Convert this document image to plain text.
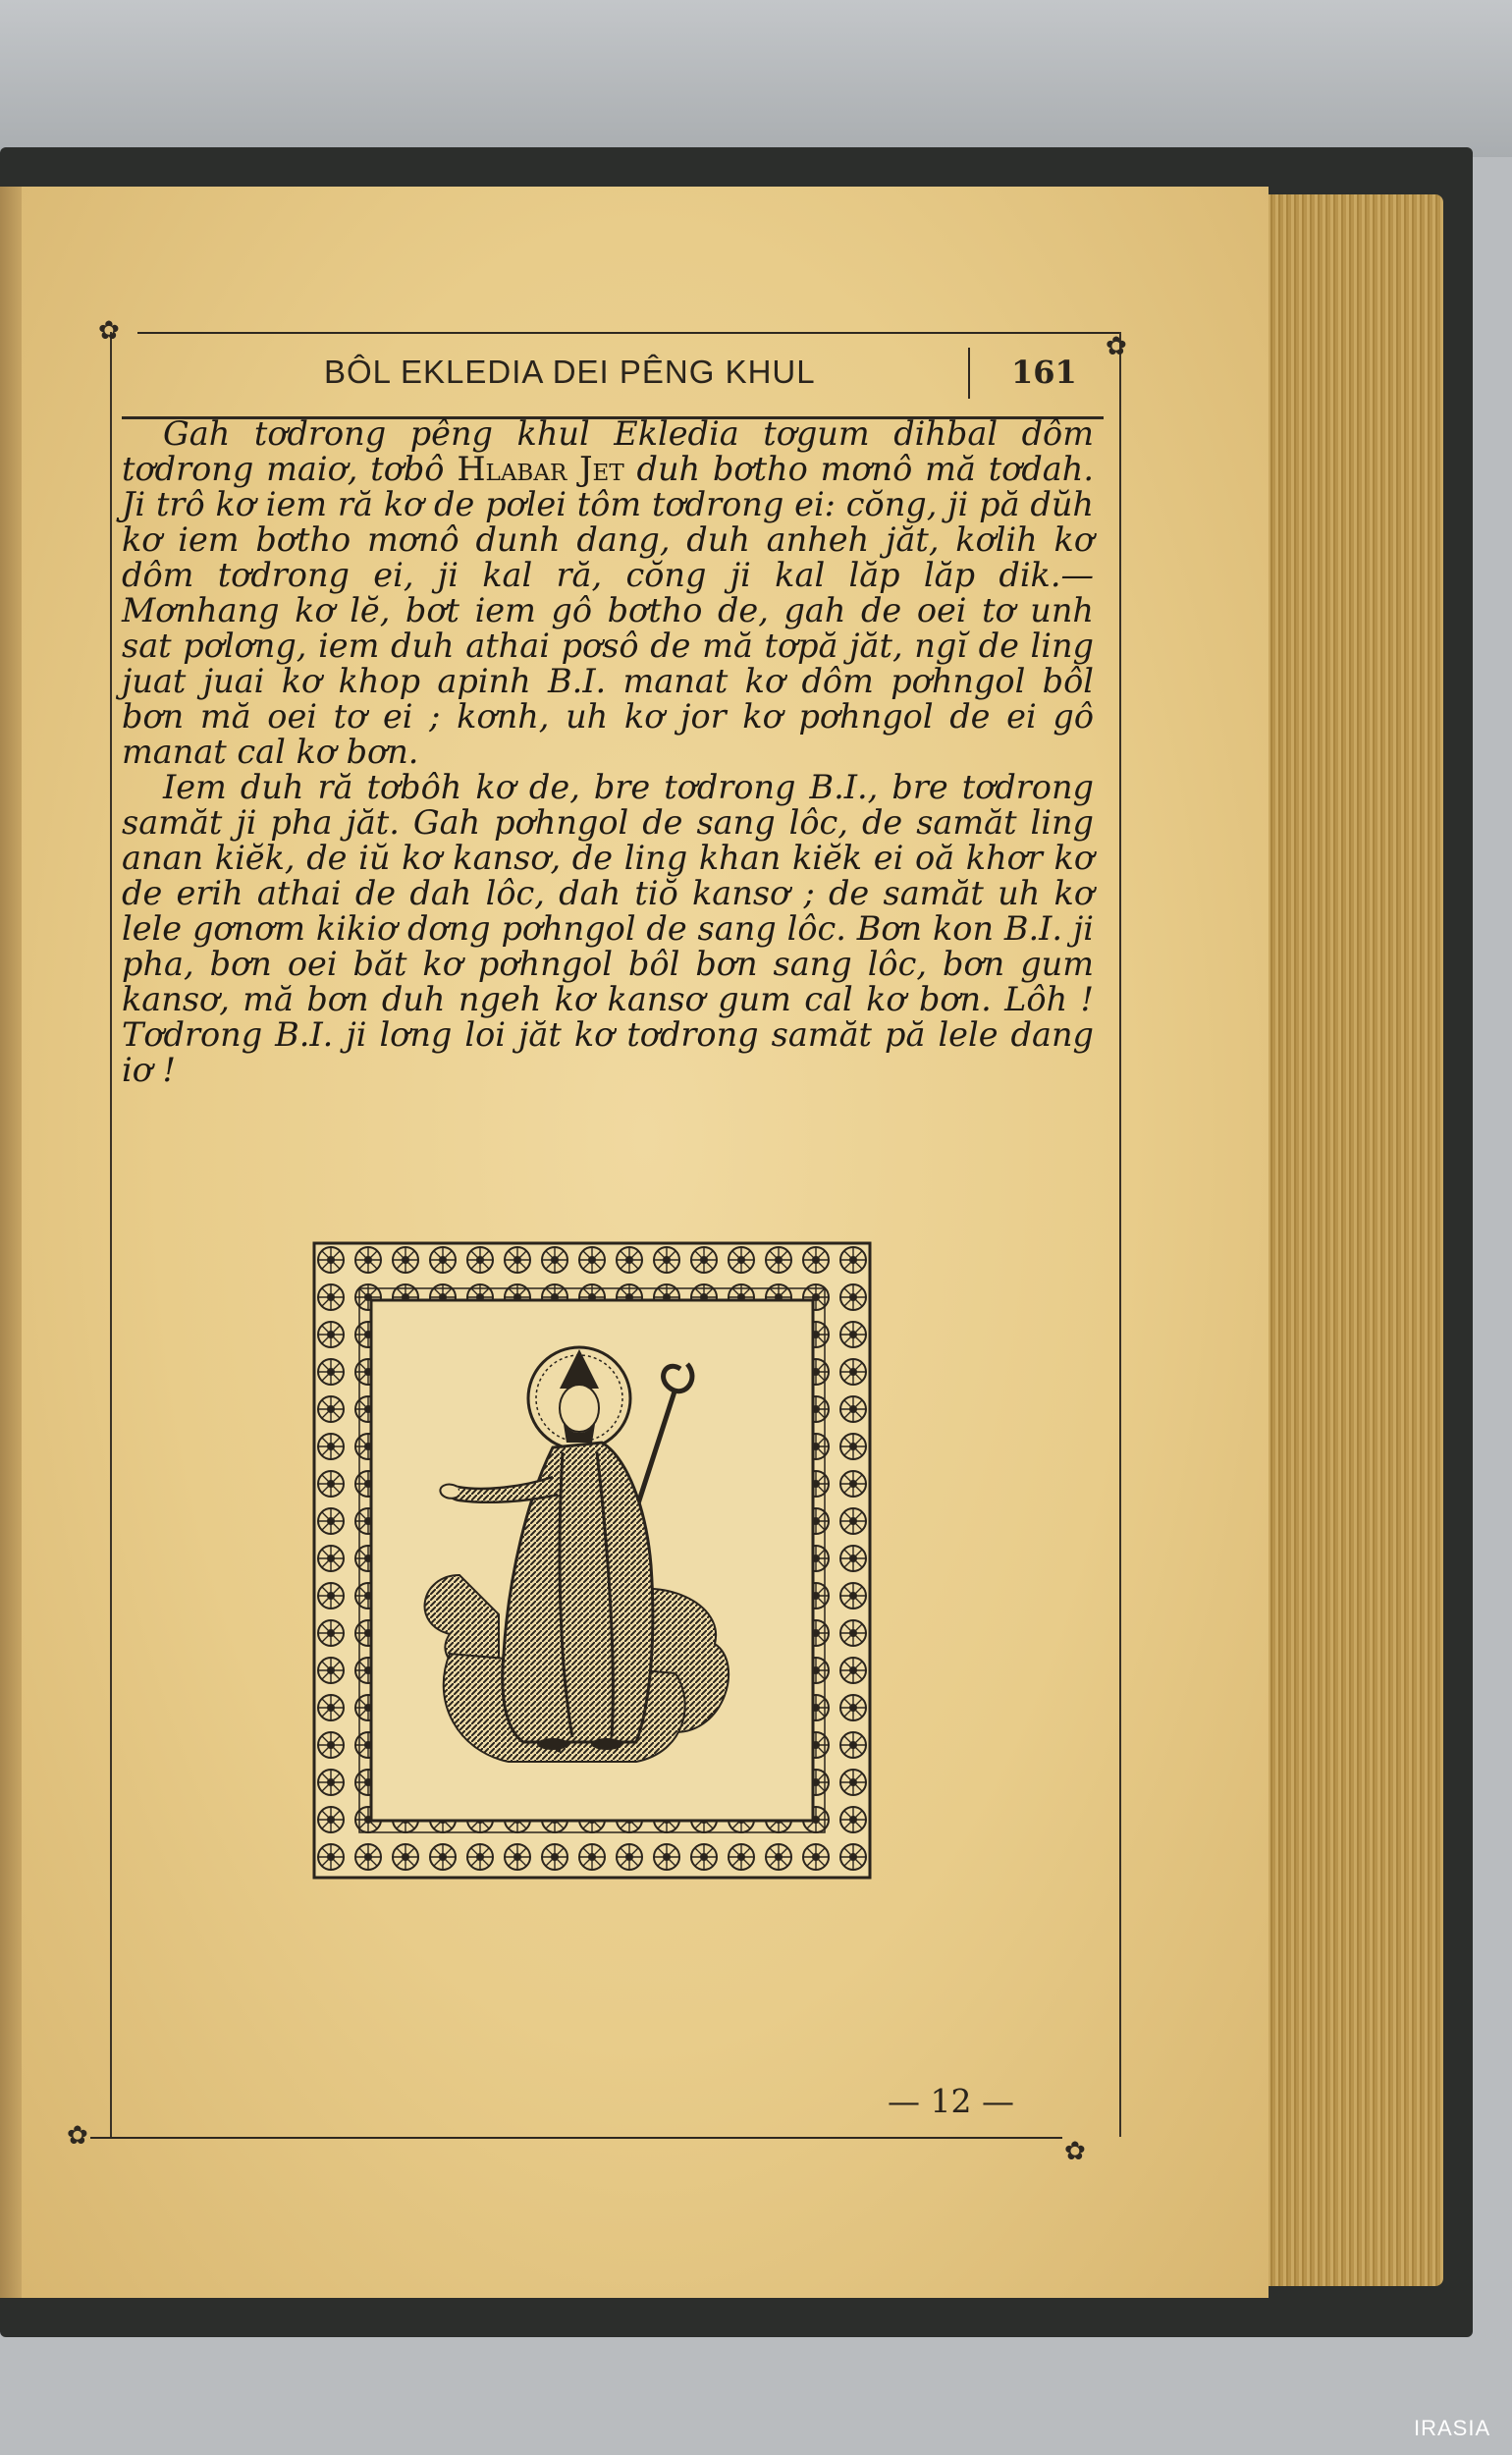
✿
✿
✿
✿
BÔL EKLEDIA DEI PÊNG KHUL	161

Gah tơdrong pêng khul Ekledia tơgum dihbal dôm tơdrong maiơ, tơbô Hlabar Jet duh bơtho mơnô mă tơdah. Ji trô kơ iem ră kơ de pơlei tôm tơdrong ei: cŏng, ji pă dŭh kơ iem bơtho mơnô dunh dang, duh anheh jăt, kơlih kơ dôm tơdrong ei, ji kal ră, cŏng ji kal lăp lăp dik.—Mơnhang kơ lĕ, bơt iem gô bơtho de, gah de oei tơ unh sat pơlơng, iem duh athai pơsô de mă tơpă jăt, ngĭ de ling juat juai kơ khop apinh B.I. manat kơ dôm pơhngol bôl bơn mă oei tơ ei ; kơnh, uh kơ jor kơ pơhngol de ei gô manat cal kơ bơn.

Iem duh ră tơbôh kơ de, bre tơdrong B.I., bre tơdrong samăt ji pha jăt. Gah pơhngol de sang lôc, de samăt ling anan kiĕk, de iŭ kơ kansơ, de ling khan kiĕk ei oă khơr kơ de erih athai de dah lôc, dah tiŏ kansơ ; de samăt uh kơ lele gơnơm kikiơ dơng pơhngol de sang lôc. Bơn kon B.I. ji pha, bơn oei băt kơ pơhngol bôl bơn sang lôc, bơn gum kansơ, mă bơn duh ngeh kơ kansơ gum cal kơ bơn. Lôh ! Tơdrong B.I. ji lơng loi jăt kơ tơdrong samăt pă lele dang iơ !

— 12 —
IRASIA
